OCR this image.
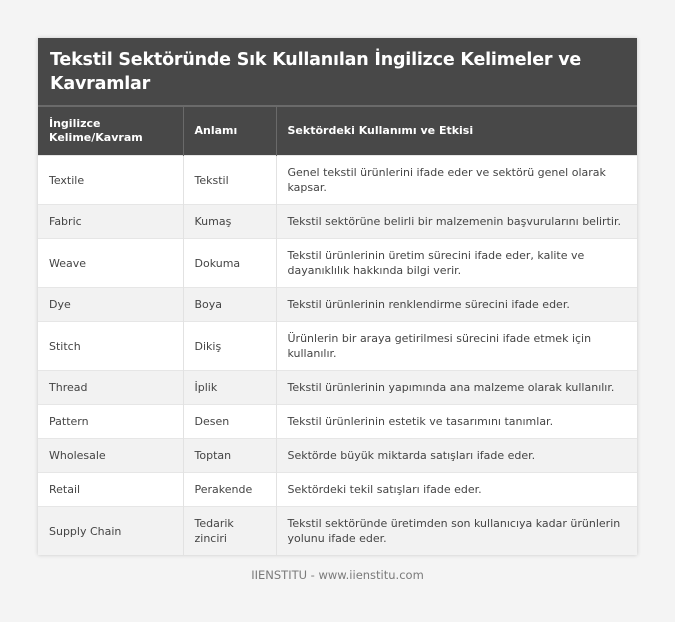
Tekstil Sektöründe Sık Kullanılan İngilizce Kelimeler ve Kavramlar
İngilizce Kelime/Kavram	Anlamı	Sektördeki Kullanımı ve Etkisi
Textile	Tekstil	Genel tekstil ürünlerini ifade eder ve sektörü genel olarak kapsar.
Fabric	Kumaş	Tekstil sektörüne belirli bir malzemenin başvurularını belirtir.
Weave	Dokuma	Tekstil ürünlerinin üretim sürecini ifade eder, kalite ve dayanıklılık hakkında bilgi verir.
Dye	Boya	Tekstil ürünlerinin renklendirme sürecini ifade eder.
Stitch	Dikiş	Ürünlerin bir araya getirilmesi sürecini ifade etmek için kullanılır.
Thread	İplik	Tekstil ürünlerinin yapımında ana malzeme olarak kullanılır.
Pattern	Desen	Tekstil ürünlerinin estetik ve tasarımını tanımlar.
Wholesale	Toptan	Sektörde büyük miktarda satışları ifade eder.
Retail	Perakende	Sektördeki tekil satışları ifade eder.
Supply Chain	Tedarik zinciri	Tekstil sektöründe üretimden son kullanıcıya kadar ürünlerin yolunu ifade eder.
IIENSTITU - www.iienstitu.com
